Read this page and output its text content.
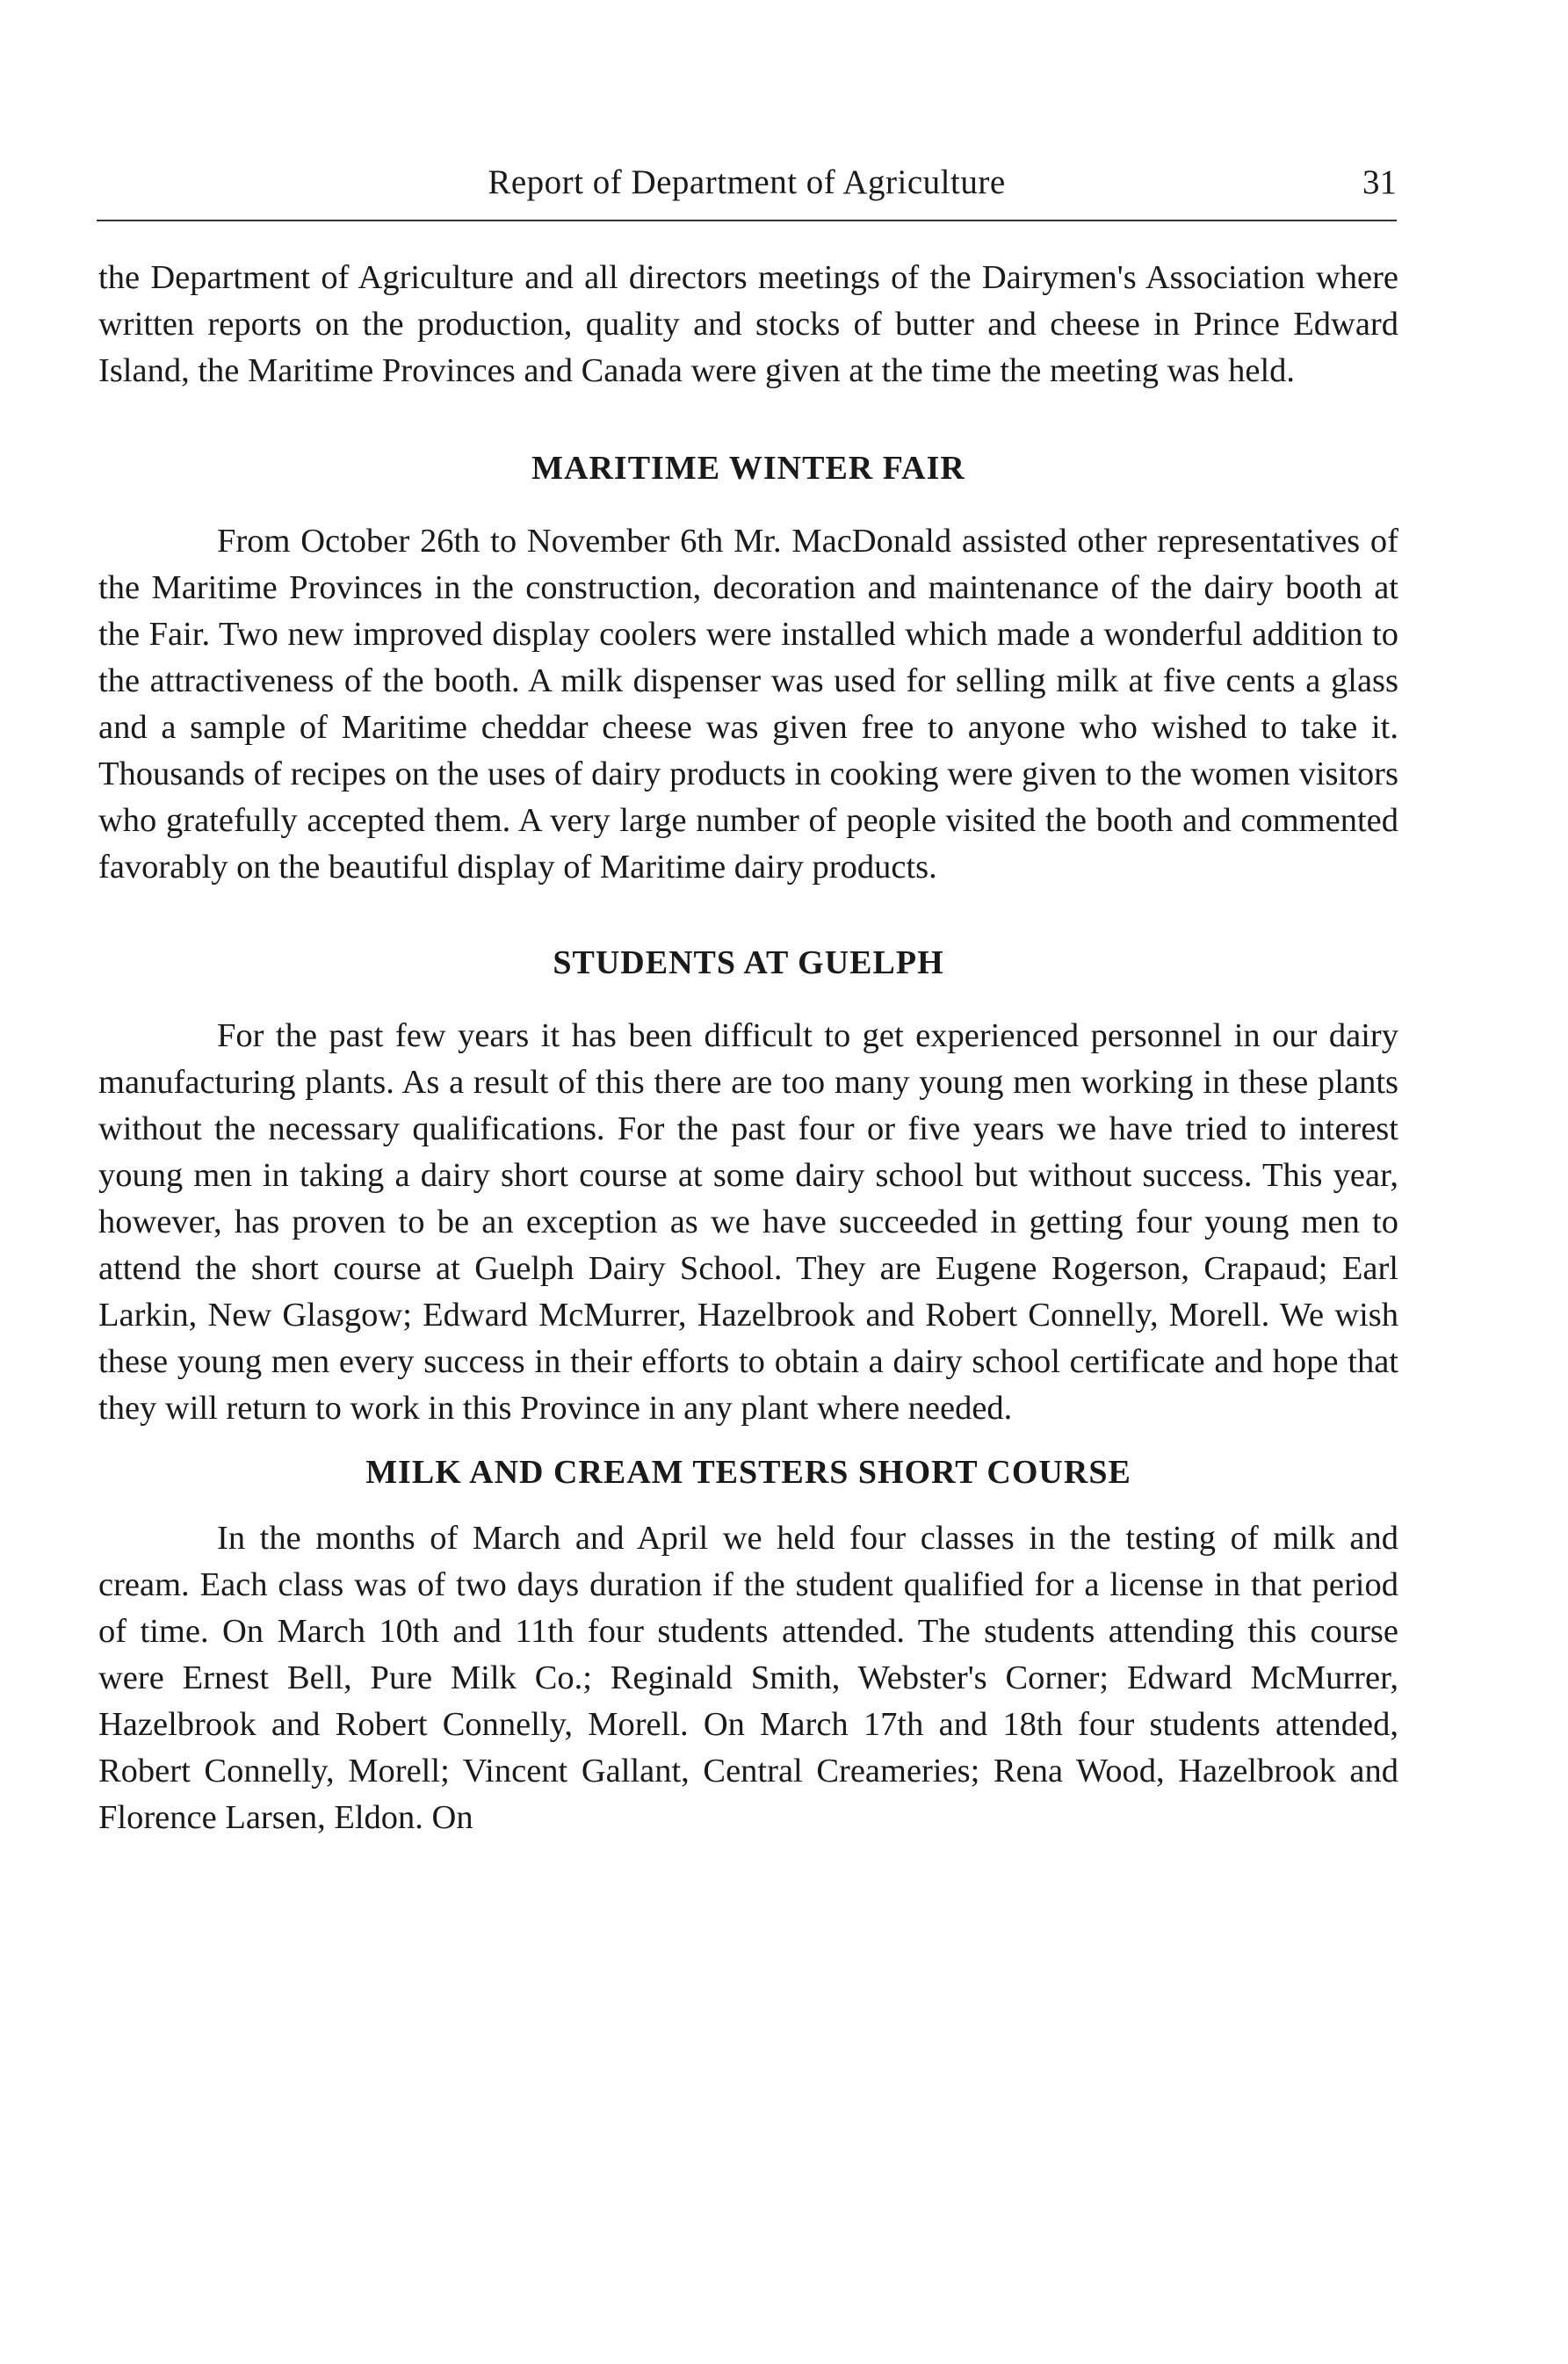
Report of Department of Agriculture	31

the Department of Agriculture and all directors meetings of the Dairymen's Association where written reports on the production, quality and stocks of butter and cheese in Prince Edward Island, the Maritime Provinces and Canada were given at the time the meeting was held.

MARITIME WINTER FAIR

From October 26th to November 6th Mr. MacDonald assisted other representatives of the Maritime Provinces in the construction, decoration and maintenance of the dairy booth at the Fair. Two new improved display coolers were installed which made a wonderful addition to the attractiveness of the booth. A milk dispenser was used for selling milk at five cents a glass and a sample of Maritime cheddar cheese was given free to anyone who wished to take it. Thousands of recipes on the uses of dairy products in cooking were given to the women visitors who gratefully accepted them. A very large number of people visited the booth and commented favorably on the beautiful display of Maritime dairy products.

STUDENTS AT GUELPH

For the past few years it has been difficult to get experienced personnel in our dairy manufacturing plants. As a result of this there are too many young men working in these plants without the necessary qualifications. For the past four or five years we have tried to interest young men in taking a dairy short course at some dairy school but without success. This year, however, has proven to be an exception as we have succeeded in getting four young men to attend the short course at Guelph Dairy School. They are Eugene Rogerson, Crapaud; Earl Larkin, New Glasgow; Edward McMurrer, Hazelbrook and Robert Connelly, Morell. We wish these young men every success in their efforts to obtain a dairy school certificate and hope that they will return to work in this Province in any plant where needed.

MILK AND CREAM TESTERS SHORT COURSE

In the months of March and April we held four classes in the testing of milk and cream. Each class was of two days duration if the student qualified for a license in that period of time. On March 10th and 11th four students attended. The students attending this course were Ernest Bell, Pure Milk Co.; Reginald Smith, Webster's Corner; Edward McMurrer, Hazelbrook and Robert Connelly, Morell. On March 17th and 18th four students attended, Robert Connelly, Morell; Vincent Gallant, Central Creameries; Rena Wood, Hazelbrook and Florence Larsen, Eldon. On
